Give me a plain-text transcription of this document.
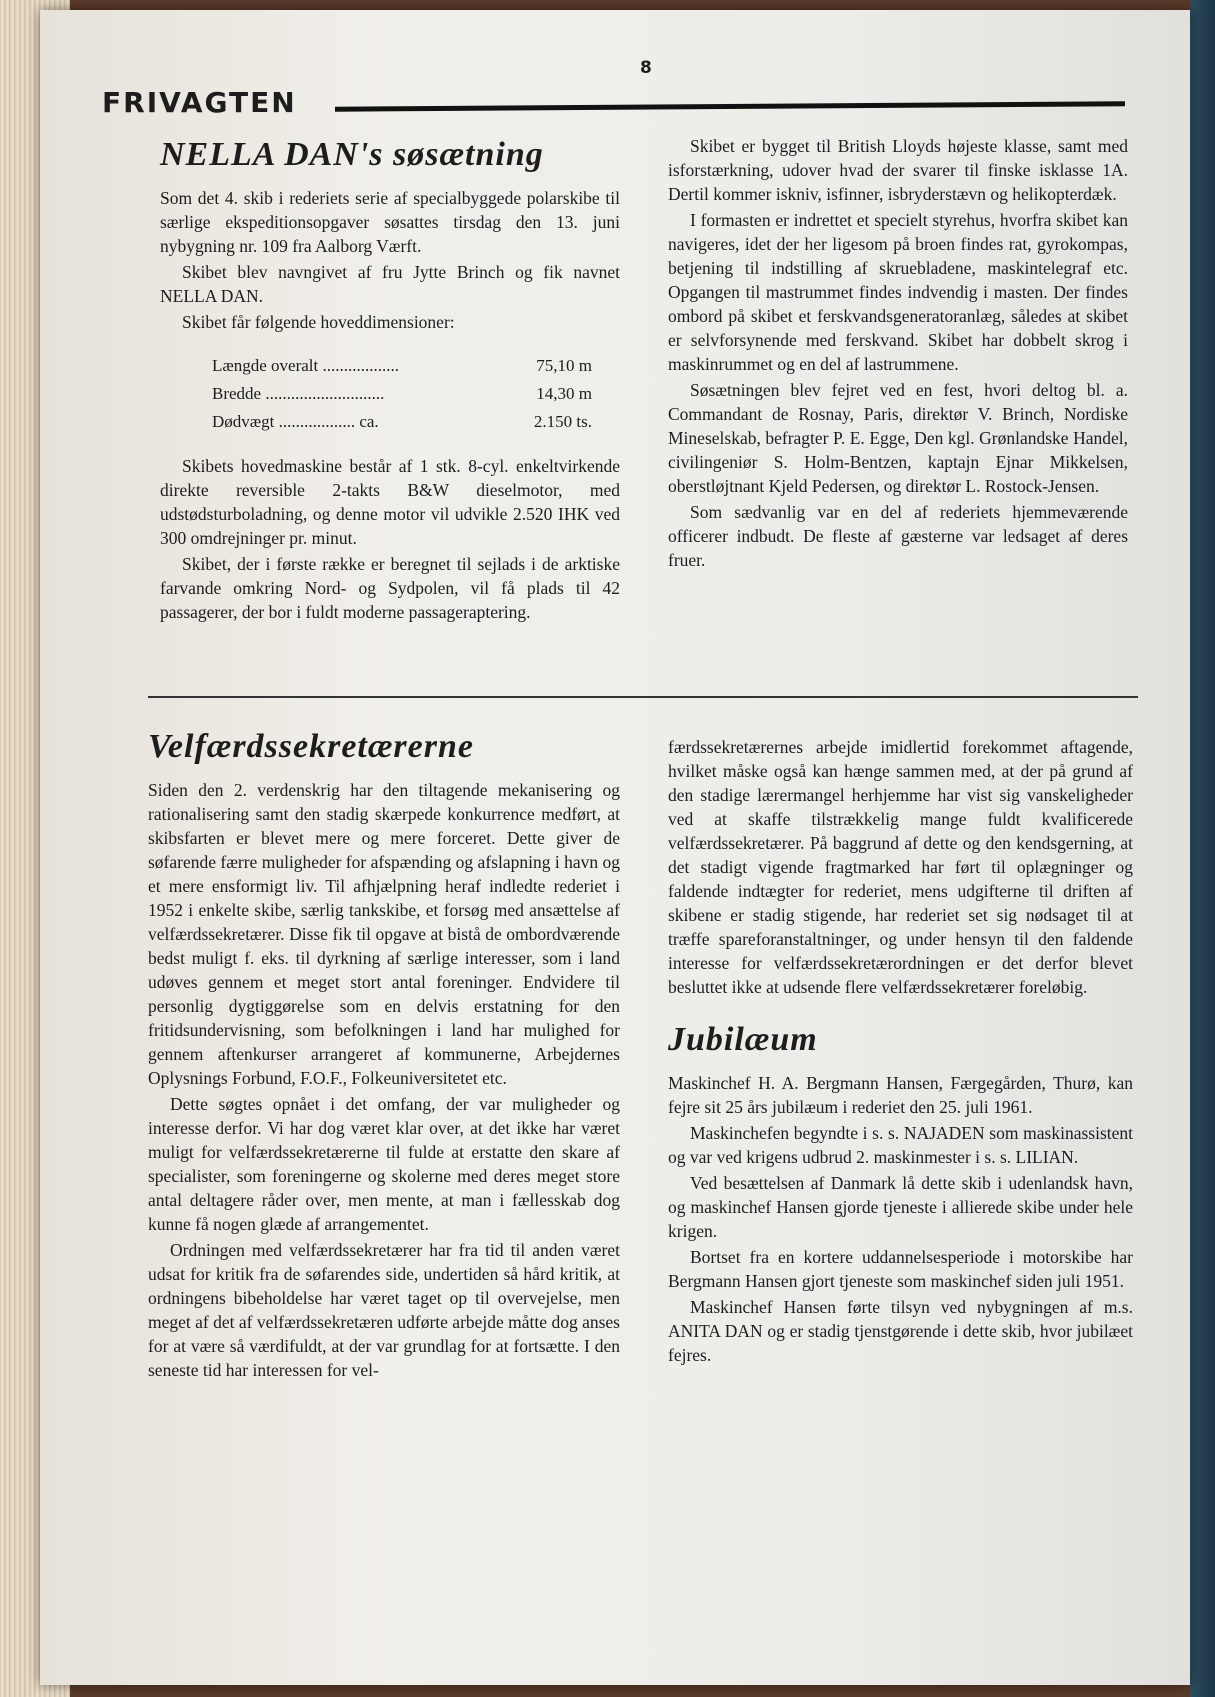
8
FRIVAGTEN
NELLA DAN's søsætning

Som det 4. skib i rederiets serie af specialbyggede polarskibe til særlige ekspeditionsopgaver søsattes tirsdag den 13. juni nybygning nr. 109 fra Aalborg Værft.

Skibet blev navngivet af fru Jytte Brinch og fik navnet NELLA DAN.

Skibet får følgende hoveddimensioner:

Længde overalt ..................	75,10 m
Bredde ............................	14,30 m
Dødvægt .................. ca.	2.150 ts.

Skibets hovedmaskine består af 1 stk. 8-cyl. enkeltvirkende direkte reversible 2-takts B&W dieselmotor, med udstødsturboladning, og denne motor vil udvikle 2.520 IHK ved 300 omdrejninger pr. minut.

Skibet, der i første række er beregnet til sejlads i de arktiske farvande omkring Nord- og Sydpolen, vil få plads til 42 passagerer, der bor i fuldt moderne passageraptering.

Skibet er bygget til British Lloyds højeste klasse, samt med isforstærkning, udover hvad der svarer til finske isklasse 1A. Dertil kommer iskniv, isfinner, isbryderstævn og helikopterdæk.

I formasten er indrettet et specielt styrehus, hvorfra skibet kan navigeres, idet der her ligesom på broen findes rat, gyrokompas, betjening til indstilling af skruebladene, maskintelegraf etc. Opgangen til mastrummet findes indvendig i masten. Der findes ombord på skibet et ferskvandsgeneratoranlæg, således at skibet er selvforsynende med ferskvand. Skibet har dobbelt skrog i maskinrummet og en del af lastrummene.

Søsætningen blev fejret ved en fest, hvori deltog bl. a. Commandant de Rosnay, Paris, direktør V. Brinch, Nordiske Mineselskab, befragter P. E. Egge, Den kgl. Grønlandske Handel, civilingeniør S. Holm-Bentzen, kaptajn Ejnar Mikkelsen, oberstløjtnant Kjeld Pedersen, og direktør L. Rostock-Jensen.

Som sædvanlig var en del af rederiets hjemmeværende officerer indbudt. De fleste af gæsterne var ledsaget af deres fruer.

Velfærdssekretærerne

Siden den 2. verdenskrig har den tiltagende mekanisering og rationalisering samt den stadig skærpede konkurrence medført, at skibsfarten er blevet mere og mere forceret. Dette giver de søfarende færre muligheder for afspænding og afslapning i havn og et mere ensformigt liv. Til afhjælpning heraf indledte rederiet i 1952 i enkelte skibe, særlig tankskibe, et forsøg med ansættelse af velfærdssekretærer. Disse fik til opgave at bistå de ombordværende bedst muligt f. eks. til dyrkning af særlige interesser, som i land udøves gennem et meget stort antal foreninger. Endvidere til personlig dygtiggørelse som en delvis erstatning for den fritidsundervisning, som befolkningen i land har mulighed for gennem aftenkurser arrangeret af kommunerne, Arbejdernes Oplysnings Forbund, F.O.F., Folkeuniversitetet etc.

Dette søgtes opnået i det omfang, der var muligheder og interesse derfor. Vi har dog været klar over, at det ikke har været muligt for velfærdssekretærerne til fulde at erstatte den skare af specialister, som foreningerne og skolerne med deres meget store antal deltagere råder over, men mente, at man i fællesskab dog kunne få nogen glæde af arrangementet.

Ordningen med velfærdssekretærer har fra tid til anden været udsat for kritik fra de søfarendes side, undertiden så hård kritik, at ordningens bibeholdelse har været taget op til overvejelse, men meget af det af velfærdssekretæren udførte arbejde måtte dog anses for at være så værdifuldt, at der var grundlag for at fortsætte. I den seneste tid har interessen for vel-

færdssekretærernes arbejde imidlertid forekommet aftagende, hvilket måske også kan hænge sammen med, at der på grund af den stadige lærermangel herhjemme har vist sig vanskeligheder ved at skaffe tilstrækkelig mange fuldt kvalificerede velfærdssekretærer. På baggrund af dette og den kendsgerning, at det stadigt vigende fragtmarked har ført til oplægninger og faldende indtægter for rederiet, mens udgifterne til driften af skibene er stadig stigende, har rederiet set sig nødsaget til at træffe spareforanstaltninger, og under hensyn til den faldende interesse for velfærdssekretærordningen er det derfor blevet besluttet ikke at udsende flere velfærdssekretærer foreløbig.

Jubilæum

Maskinchef H. A. Bergmann Hansen, Færgegården, Thurø, kan fejre sit 25 års jubilæum i rederiet den 25. juli 1961.

Maskinchefen begyndte i s. s. NAJADEN som maskinassistent og var ved krigens udbrud 2. maskinmester i s. s. LILIAN.

Ved besættelsen af Danmark lå dette skib i udenlandsk havn, og maskinchef Hansen gjorde tjeneste i allierede skibe under hele krigen.

Bortset fra en kortere uddannelsesperiode i motorskibe har Bergmann Hansen gjort tjeneste som maskinchef siden juli 1951.

Maskinchef Hansen førte tilsyn ved nybygningen af m.s. ANITA DAN og er stadig tjenstgørende i dette skib, hvor jubilæet fejres.
